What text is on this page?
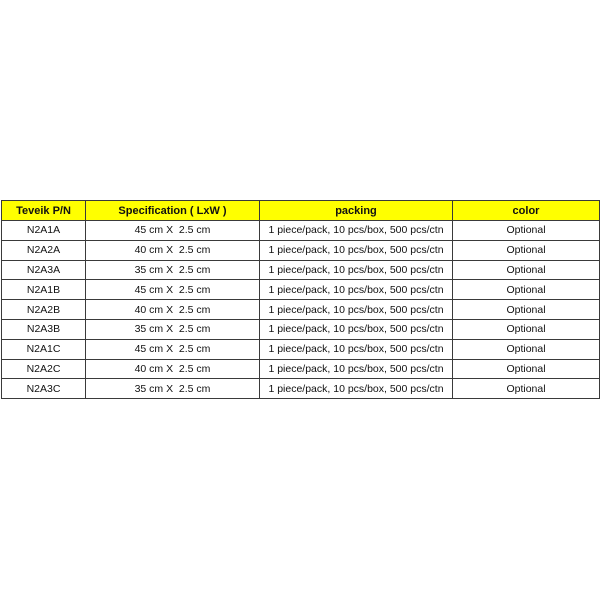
Teveik P/N	Specification ( LxW )	packing	color
N2A1A	45 cm X  2.5 cm	1 piece/pack, 10 pcs/box, 500 pcs/ctn	Optional
N2A2A	40 cm X  2.5 cm	1 piece/pack, 10 pcs/box, 500 pcs/ctn	Optional
N2A3A	35 cm X  2.5 cm	1 piece/pack, 10 pcs/box, 500 pcs/ctn	Optional
N2A1B	45 cm X  2.5 cm	1 piece/pack, 10 pcs/box, 500 pcs/ctn	Optional
N2A2B	40 cm X  2.5 cm	1 piece/pack, 10 pcs/box, 500 pcs/ctn	Optional
N2A3B	35 cm X  2.5 cm	1 piece/pack, 10 pcs/box, 500 pcs/ctn	Optional
N2A1C	45 cm X  2.5 cm	1 piece/pack, 10 pcs/box, 500 pcs/ctn	Optional
N2A2C	40 cm X  2.5 cm	1 piece/pack, 10 pcs/box, 500 pcs/ctn	Optional
N2A3C	35 cm X  2.5 cm	1 piece/pack, 10 pcs/box, 500 pcs/ctn	Optional
